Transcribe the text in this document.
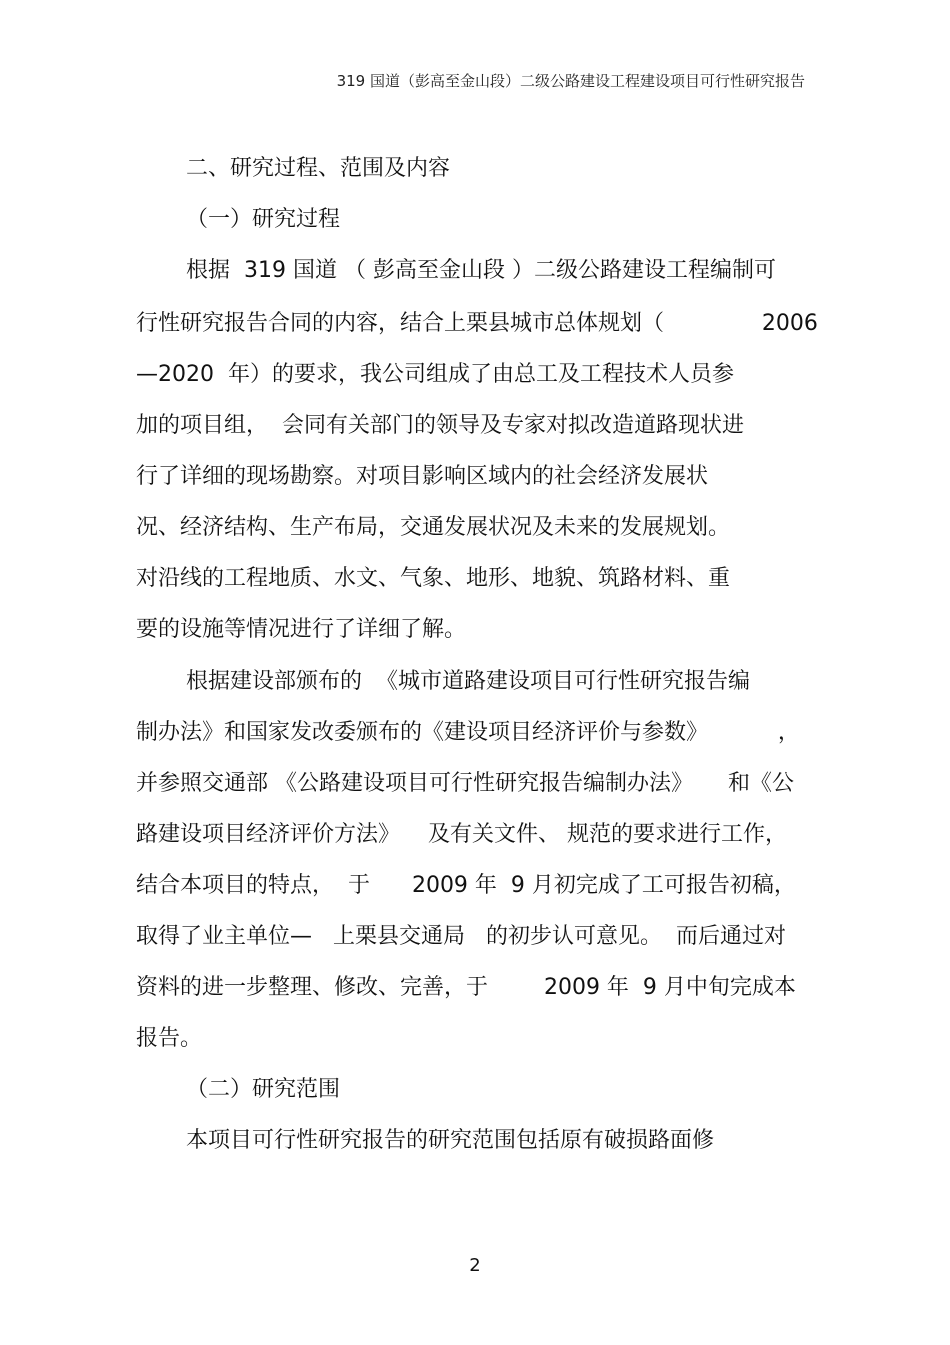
319 国道（彭高至金山段）二级公路建设工程建设项目可行性研究报告
二、研究过程、范围及内容
（一）研究过程
根据  319 国道 （ 彭高至金山段 ）二级公路建设工程编制可
行性研究报告合同的内容，结合上栗县城市总体规划（              2006
—2020  年）的要求，我公司组成了由总工及工程技术人员参
加的项目组，  会同有关部门的领导及专家对拟改造道路现状进
行了详细的现场勘察。对项目影响区域内的社会经济发展状
况、经济结构、生产布局，交通发展状况及未来的发展规划。
对沿线的工程地质、水文、气象、地形、地貌、筑路材料、重
要的设施等情况进行了详细了解。
根据建设部颁布的  《城市道路建设项目可行性研究报告编
制办法》和国家发改委颁布的《建设项目经济评价与参数》          ，
并参照交通部 《公路建设项目可行性研究报告编制办法》     和《公
路建设项目经济评价方法》    及有关文件、 规范的要求进行工作，
结合本项目的特点，  于      2009 年  9 月初完成了工可报告初稿，
取得了业主单位—   上栗县交通局   的初步认可意见。  而后通过对
资料的进一步整理、修改、完善，于        2009 年  9 月中旬完成本
报告。
（二）研究范围
本项目可行性研究报告的研究范围包括原有破损路面修
2
